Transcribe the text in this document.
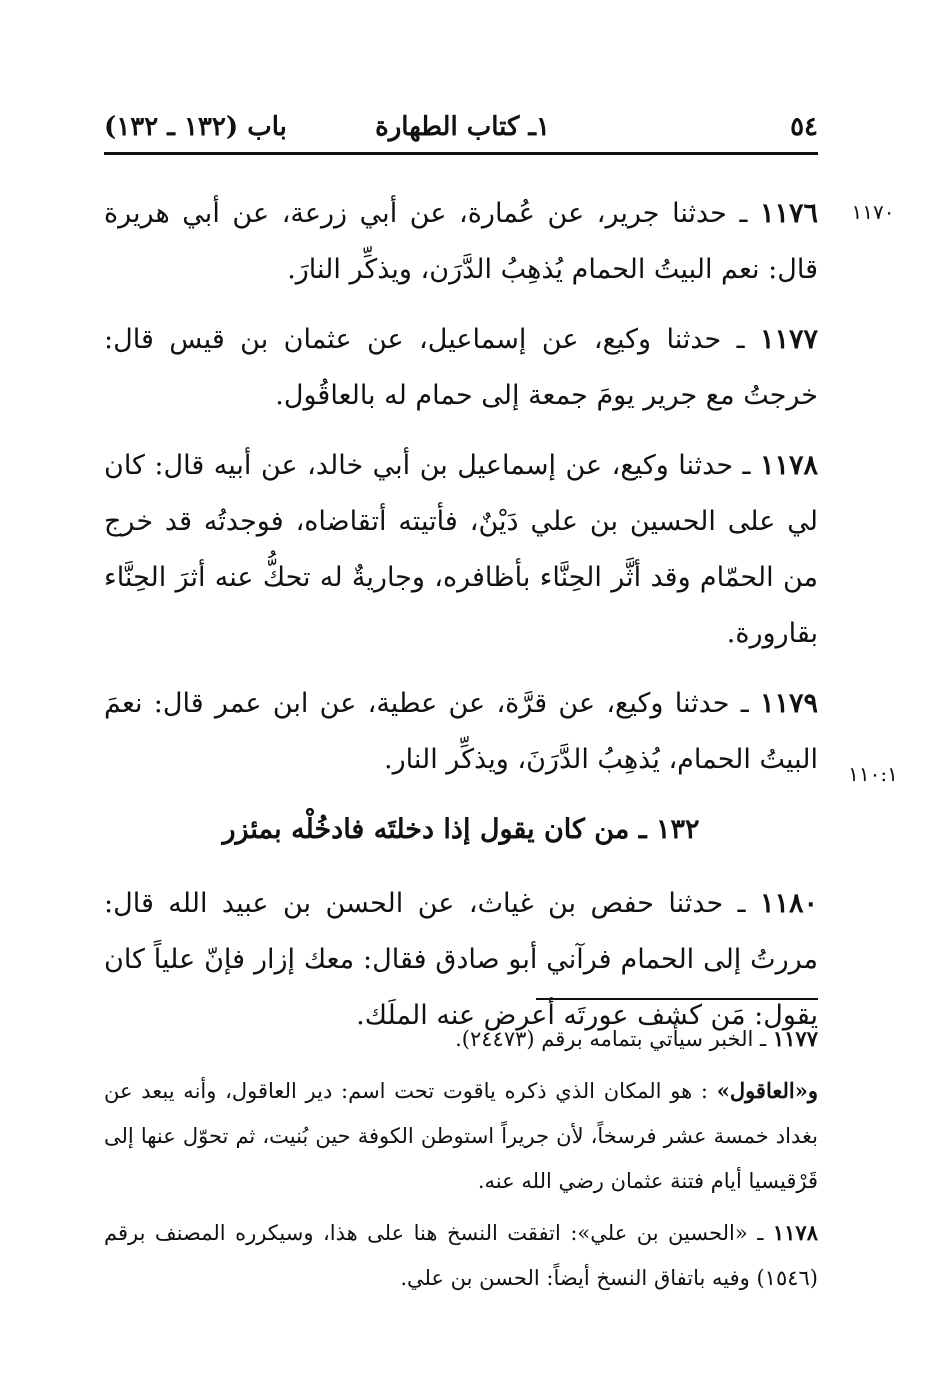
٥٤
١ـ كتاب الطهارة
باب (١٣٢ ـ ١٣٢)
١١٧٠
١١٠:١

١١٧٦ ـ حدثنا جرير، عن عُمارة، عن أبي زرعة، عن أبي هريرة قال: نعم البيتُ الحمام يُذهِبُ الدَّرَن، ويذكِّر النارَ.

١١٧٧ ـ حدثنا وكيع، عن إسماعيل، عن عثمان بن قيس قال: خرجتُ مع جرير يومَ جمعة إلى حمام له بالعاقُول.

١١٧٨ ـ حدثنا وكيع، عن إسماعيل بن أبي خالد، عن أبيه قال: كان لي على الحسين بن علي دَيْنٌ، فأتيته أتقاضاه، فوجدتُه قد خرج من الحمّام وقد أثَّر الحِنَّاء بأظافره، وجاريةٌ له تحكُّ عنه أثرَ الحِنَّاء بقارورة.

١١٧٩ ـ حدثنا وكيع، عن قرَّة، عن عطية، عن ابن عمر قال: نعمَ البيتُ الحمام، يُذهِبُ الدَّرَنَ، ويذكِّر النار.

١٣٢ ـ من كان يقول إذا دخلتَه فادخُلْه بمئزر

١١٨٠ ـ حدثنا حفص بن غياث، عن الحسن بن عبيد الله قال: مررتُ إلى الحمام فرآني أبو صادق فقال: معك إزار فإنّ علياً كان يقول: مَن كشف عورتَه أعرض عنه الملَك.

١١٧٧ ـ الخبر سيأتي بتمامه برقم (٢٤٤٧٣).

و«العاقول» : هو المكان الذي ذكره ياقوت تحت اسم: دير العاقول، وأنه يبعد عن بغداد خمسة عشر فرسخاً، لأن جريراً استوطن الكوفة حين بُنيت، ثم تحوّل عنها إلى قَرْقيسيا أيام فتنة عثمان رضي الله عنه.

١١٧٨ ـ «الحسين بن علي»: اتفقت النسخ هنا على هذا، وسيكرره المصنف برقم (١٥٤٦) وفيه باتفاق النسخ أيضاً: الحسن بن علي.
